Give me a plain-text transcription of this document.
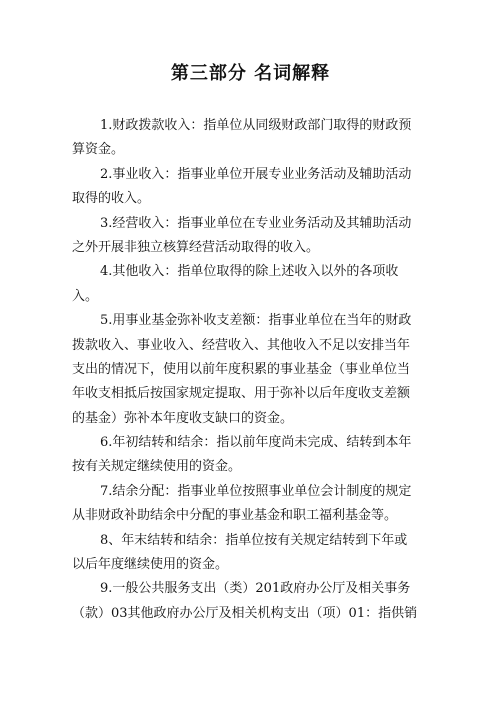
第三部分 名词解释
1.财政拨款收入：指单位从同级财政部门取得的财政预
算资金。
2.事业收入：指事业单位开展专业业务活动及辅助活动
取得的收入。
3.经营收入：指事业单位在专业业务活动及其辅助活动
之外开展非独立核算经营活动取得的收入。
4.其他收入：指单位取得的除上述收入以外的各项收
入。
5.用事业基金弥补收支差额：指事业单位在当年的财政
拨款收入、事业收入、经营收入、其他收入不足以安排当年
支出的情况下，使用以前年度积累的事业基金（事业单位当
年收支相抵后按国家规定提取、用于弥补以后年度收支差额
的基金）弥补本年度收支缺口的资金。
6.年初结转和结余：指以前年度尚未完成、结转到本年
按有关规定继续使用的资金。
7.结余分配：指事业单位按照事业单位会计制度的规定
从非财政补助结余中分配的事业基金和职工福利基金等。
8、年末结转和结余：指单位按有关规定结转到下年或
以后年度继续使用的资金。
9.一般公共服务支出（类）201政府办公厅及相关事务
（款）03其他政府办公厅及相关机构支出（项）01：指供销
